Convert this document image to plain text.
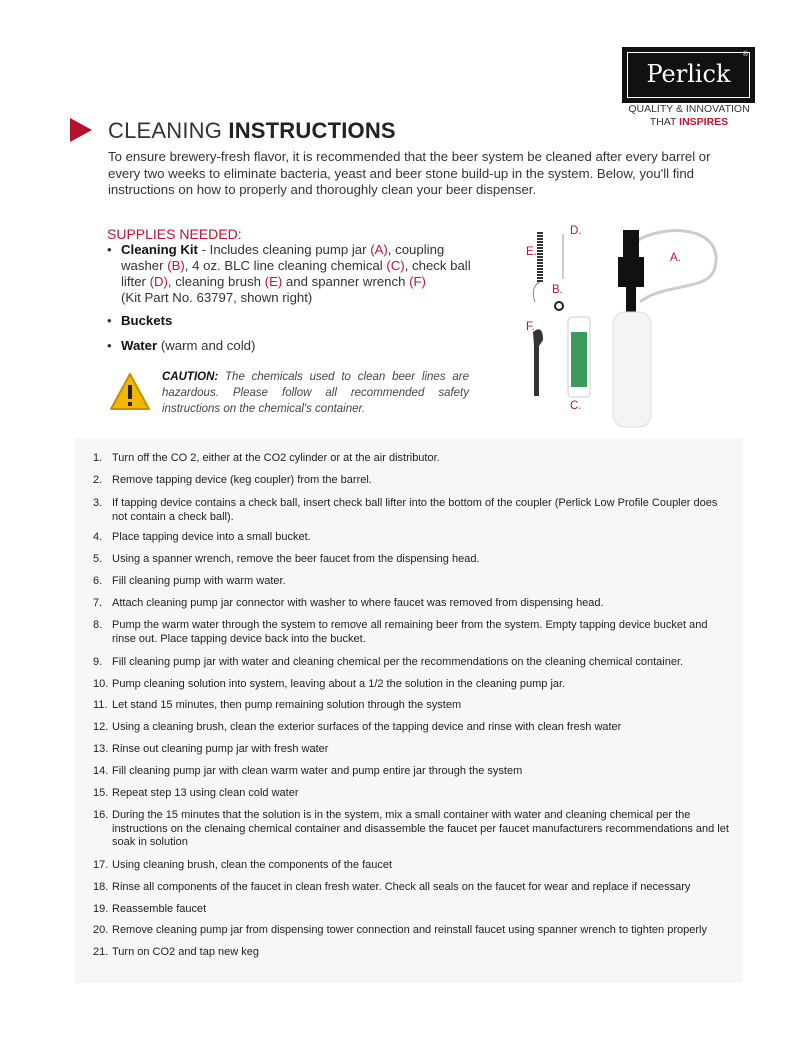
Perlick
®
QUALITY & INNOVATION
THAT INSPIRES
CLEANING INSTRUCTIONS
To ensure brewery-fresh flavor, it is recommended that the beer system be cleaned after every barrel or every two weeks to eliminate bacteria, yeast and beer stone build-up in the system. Below, you'll find instructions on how to properly and thoroughly clean your beer dispenser.
SUPPLIES NEEDED:
• Cleaning Kit - Includes cleaning pump jar (A), coupling washer (B), 4 oz. BLC line cleaning chemical (C), check ball lifter (D), cleaning brush (E) and spanner wrench (F)
(Kit Part No. 63797, shown right)
• Buckets
• Water (warm and cold)
CAUTION: The chemicals used to clean beer lines are hazardous. Please follow all recommended safety instructions on the chemical's container.
A.
B.
C.
D.
E.
F.
1. Turn off the CO 2, either at the CO2 cylinder or at the air distributor.
2. Remove tapping device (keg coupler) from the barrel.
3. If tapping device contains a check ball, insert check ball lifter into the bottom of the coupler (Perlick Low Profile Coupler does not contain a check ball).
4. Place tapping device into a small bucket.
5. Using a spanner wrench, remove the beer faucet from the dispensing head.
6. Fill cleaning pump with warm water.
7. Attach cleaning pump jar connector with washer to where faucet was removed from dispensing head.
8. Pump the warm water through the system to remove all remaining beer from the system. Empty tapping device bucket and rinse out. Place tapping device back into the bucket.
9. Fill cleaning pump jar with water and cleaning chemical per the recommendations on the cleaning chemical container.
10. Pump cleaning solution into system, leaving about a 1/2 the solution in the cleaning pump jar.
11. Let stand 15 minutes, then pump remaining solution through the system
12. Using a cleaning brush, clean the exterior surfaces of the tapping device and rinse with clean fresh water
13. Rinse out cleaning pump jar with fresh water
14. Fill cleaning pump jar with clean warm water and pump entire jar through the system
15. Repeat step 13 using clean cold water
16. During the 15 minutes that the solution is in the system, mix a small container with water and cleaning chemical per the instructions on the clenaing chemical container and disassemble the faucet per faucet manufacturers recommendations and let soak in solution
17. Using cleaning brush, clean the components of the faucet
18. Rinse all components of the faucet in clean fresh water. Check all seals on the faucet for wear and replace if necessary
19. Reassemble faucet
20. Remove cleaning pump jar from dispensing tower connection and reinstall faucet using spanner wrench to tighten properly
21. Turn on CO2 and tap new keg
